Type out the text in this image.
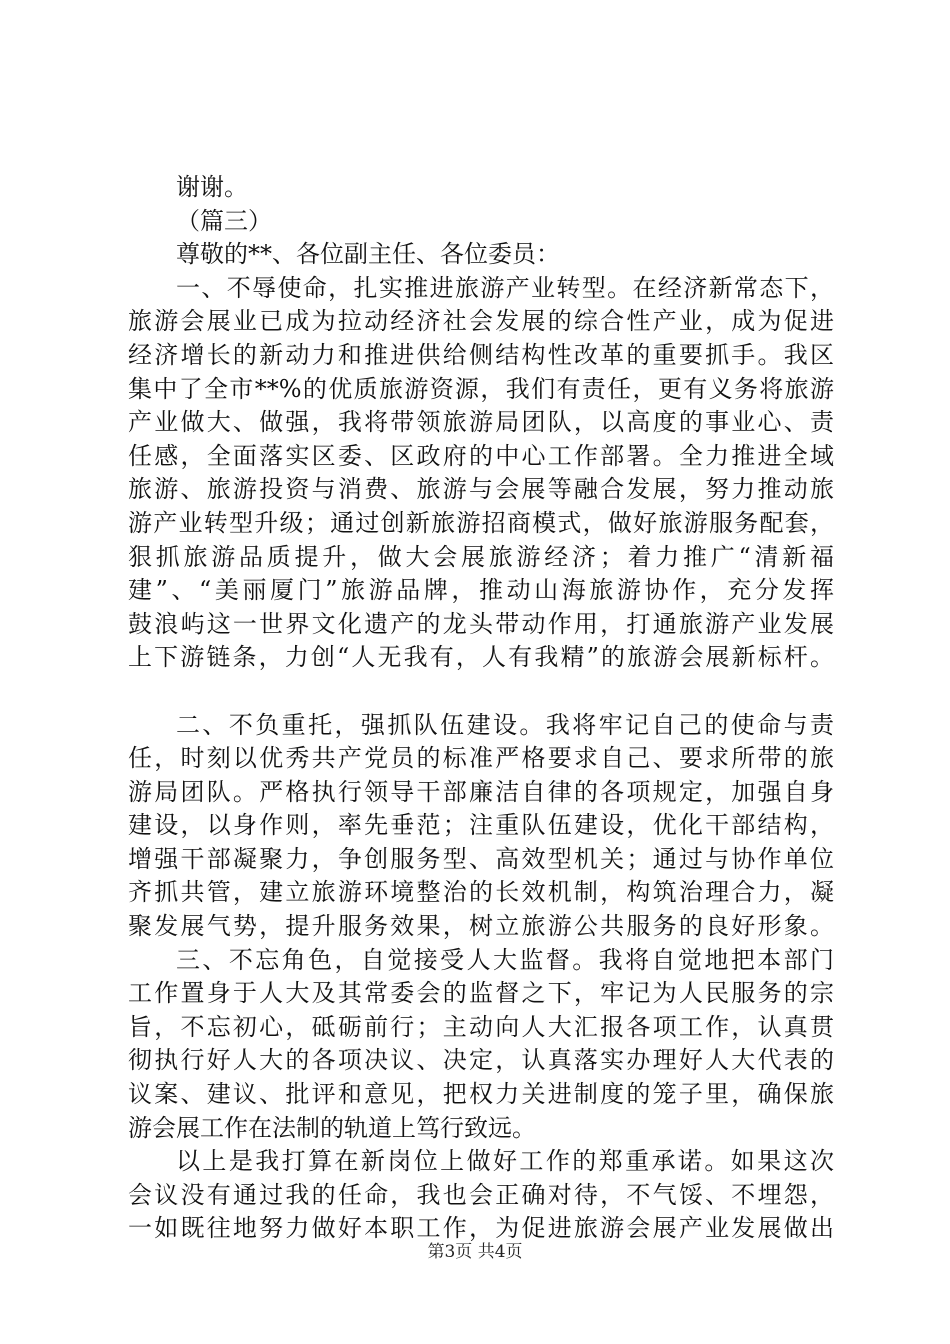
谢谢。
（篇三）
尊敬的**、各位副主任、各位委员：
一、不辱使命，扎实推进旅游产业转型。在经济新常态下，
旅游会展业已成为拉动经济社会发展的综合性产业，成为促进
经济增长的新动力和推进供给侧结构性改革的重要抓手。我区
集中了全市**%的优质旅游资源，我们有责任，更有义务将旅游
产业做大、做强，我将带领旅游局团队，以高度的事业心、责
任感，全面落实区委、区政府的中心工作部署。全力推进全域
旅游、旅游投资与消费、旅游与会展等融合发展，努力推动旅
游产业转型升级；通过创新旅游招商模式，做好旅游服务配套，
狠抓旅游品质提升，做大会展旅游经济；着力推广“清新福
建”、“美丽厦门”旅游品牌，推动山海旅游协作，充分发挥
鼓浪屿这一世界文化遗产的龙头带动作用，打通旅游产业发展
上下游链条，力创“人无我有，人有我精”的旅游会展新标杆。
二、不负重托，强抓队伍建设。我将牢记自己的使命与责
任，时刻以优秀共产党员的标准严格要求自己、要求所带的旅
游局团队。严格执行领导干部廉洁自律的各项规定，加强自身
建设，以身作则，率先垂范；注重队伍建设，优化干部结构，
增强干部凝聚力，争创服务型、高效型机关；通过与协作单位
齐抓共管，建立旅游环境整治的长效机制，构筑治理合力，凝
聚发展气势，提升服务效果，树立旅游公共服务的良好形象。
三、不忘角色，自觉接受人大监督。我将自觉地把本部门
工作置身于人大及其常委会的监督之下，牢记为人民服务的宗
旨，不忘初心，砥砺前行；主动向人大汇报各项工作，认真贯
彻执行好人大的各项决议、决定，认真落实办理好人大代表的
议案、建议、批评和意见，把权力关进制度的笼子里，确保旅
游会展工作在法制的轨道上笃行致远。
以上是我打算在新岗位上做好工作的郑重承诺。如果这次
会议没有通过我的任命，我也会正确对待，不气馁、不埋怨，
一如既往地努力做好本职工作，为促进旅游会展产业发展做出
第3页 共4页
